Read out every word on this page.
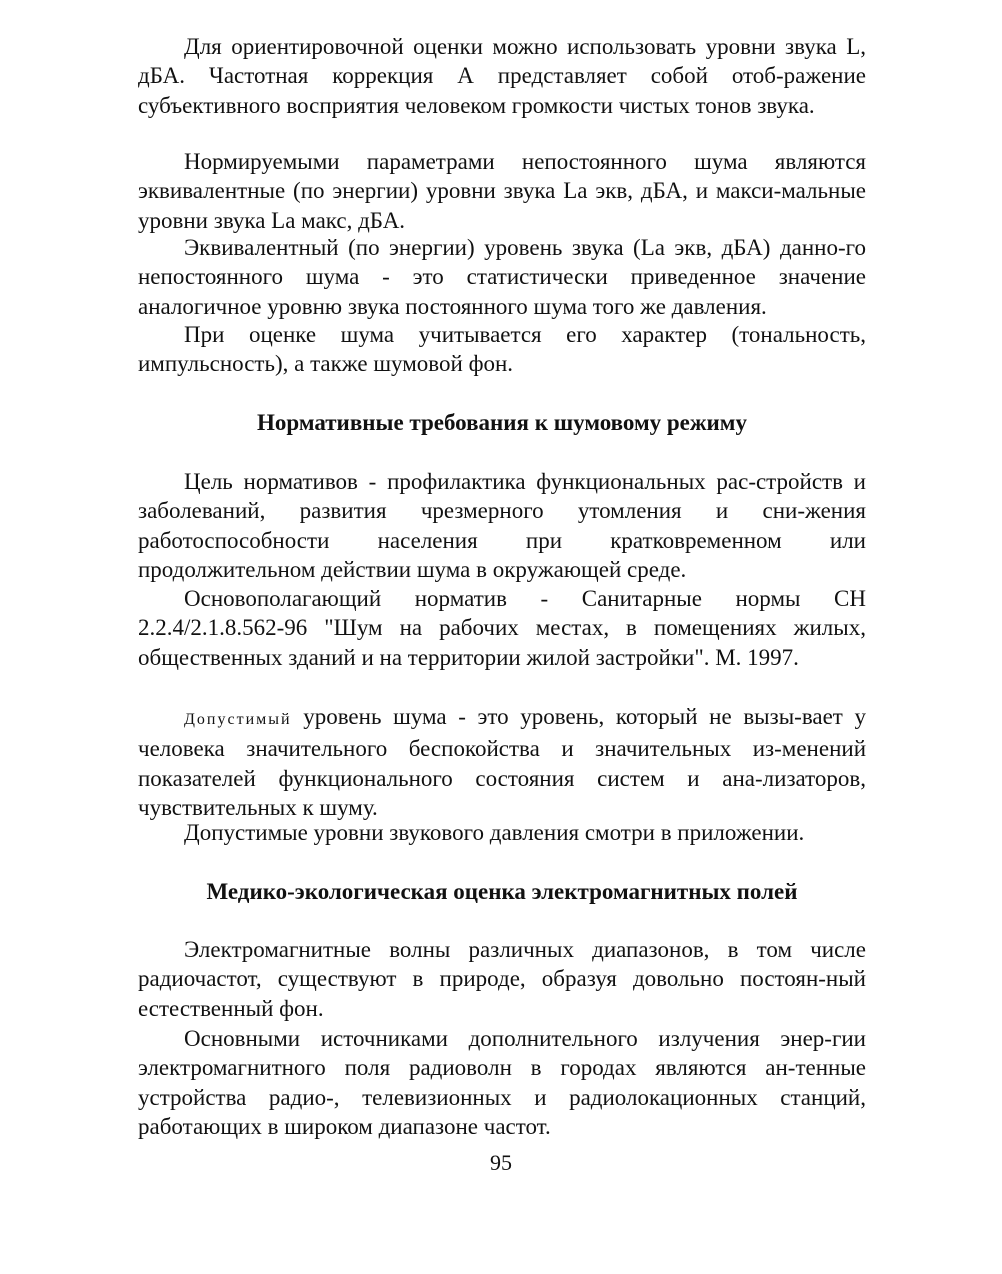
Для ориентировочной оценки можно использовать уровни звука L, дБА. Частотная коррекция А представляет собой отоб-ражение субъективного восприятия человеком громкости чистых тонов звука.

Нормируемыми параметрами непостоянного шума являются эквивалентные (по энергии) уровни звука La экв, дБА, и макси-мальные уровни звука La макс, дБА.

Эквивалентный (по энергии) уровень звука (La экв, дБА) данно-го непостоянного шума - это статистически приведенное значение аналогичное уровню звука постоянного шума того же давления.

При оценке шума учитывается его характер (тональность, импульсность), а также шумовой фон.

Нормативные требования к шумовому режиму

Цель нормативов - профилактика функциональных рас-стройств и заболеваний, развития чрезмерного утомления и сни-жения работоспособности населения при кратковременном или продолжительном действии шума в окружающей среде.

Основополагающий норматив - Санитарные нормы СН 2.2.4/2.1.8.562-96 "Шум на рабочих местах, в помещениях жилых, общественных зданий и на территории жилой застройки". М. 1997.

Допустимый уровень шума - это уровень, который не вызы-вает у человека значительного беспокойства и значительных из-менений показателей функционального состояния систем и ана-лизаторов, чувствительных к шуму.

Допустимые уровни звукового давления смотри в приложении.

Медико-экологическая оценка электромагнитных полей

Электромагнитные волны различных диапазонов, в том числе радиочастот, существуют в природе, образуя довольно постоян-ный естественный фон.

Основными источниками дополнительного излучения энер-гии электромагнитного поля радиоволн в городах являются ан-тенные устройства радио-, телевизионных и радиолокационных станций, работающих в широком диапазоне частот.

95
